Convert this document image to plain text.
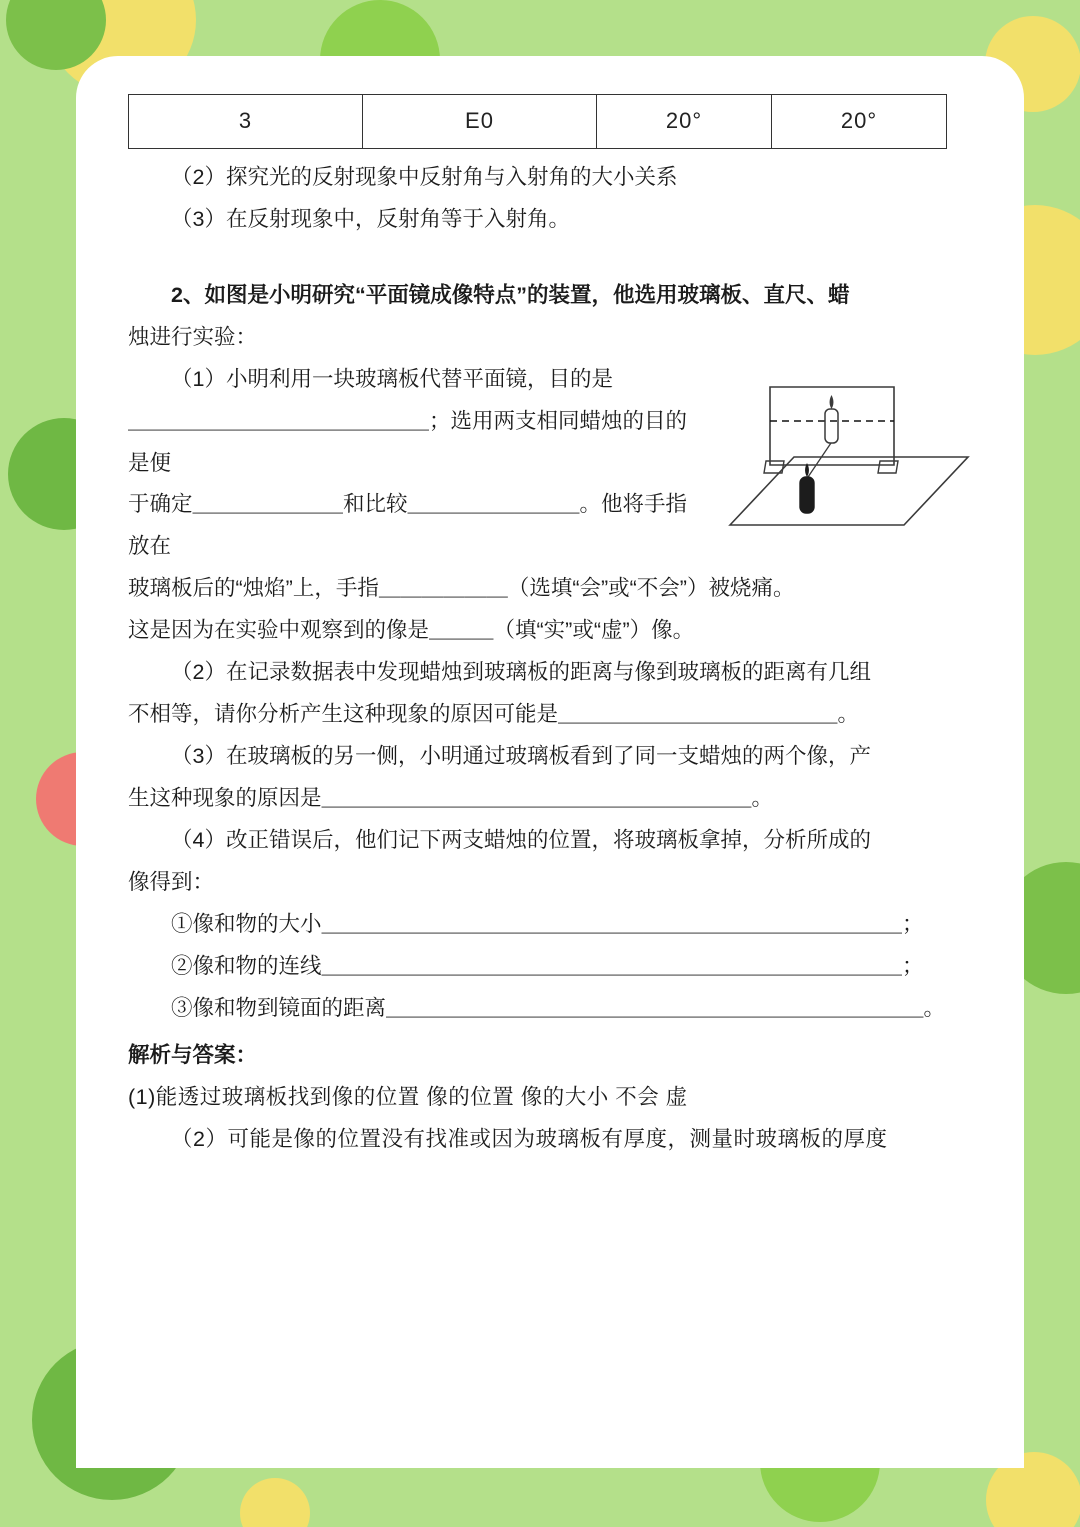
3	E0	20°	20°

（2）探究光的反射现象中反射角与入射角的大小关系

（3）在反射现象中，反射角等于入射角。

2、如图是小明研究“平面镜成像特点”的装置，他选用玻璃板、直尺、蜡

烛进行实验：

（1）小明利用一块玻璃板代替平面镜，目的是

＿＿＿＿＿＿＿＿＿＿＿＿＿＿；选用两支相同蜡烛的目的是便

于确定＿＿＿＿＿＿＿和比较＿＿＿＿＿＿＿＿。他将手指放在

玻璃板后的“烛焰”上，手指＿＿＿＿＿＿（选填“会”或“不会”）被烧痛。

这是因为在实验中观察到的像是＿＿＿（填“实”或“虚”）像。

（2）在记录数据表中发现蜡烛到玻璃板的距离与像到玻璃板的距离有几组

不相等，请你分析产生这种现象的原因可能是＿＿＿＿＿＿＿＿＿＿＿＿＿。

（3）在玻璃板的另一侧，小明通过玻璃板看到了同一支蜡烛的两个像，产

生这种现象的原因是＿＿＿＿＿＿＿＿＿＿＿＿＿＿＿＿＿＿＿＿。

（4）改正错误后，他们记下两支蜡烛的位置，将玻璃板拿掉，分析所成的

像得到：

①像和物的大小＿＿＿＿＿＿＿＿＿＿＿＿＿＿＿＿＿＿＿＿＿＿＿＿＿＿＿；

②像和物的连线＿＿＿＿＿＿＿＿＿＿＿＿＿＿＿＿＿＿＿＿＿＿＿＿＿＿＿；

③像和物到镜面的距离＿＿＿＿＿＿＿＿＿＿＿＿＿＿＿＿＿＿＿＿＿＿＿＿＿。

解析与答案：

(1)能透过玻璃板找到像的位置 像的位置 像的大小 不会 虚

（2）可能是像的位置没有找准或因为玻璃板有厚度，测量时玻璃板的厚度
